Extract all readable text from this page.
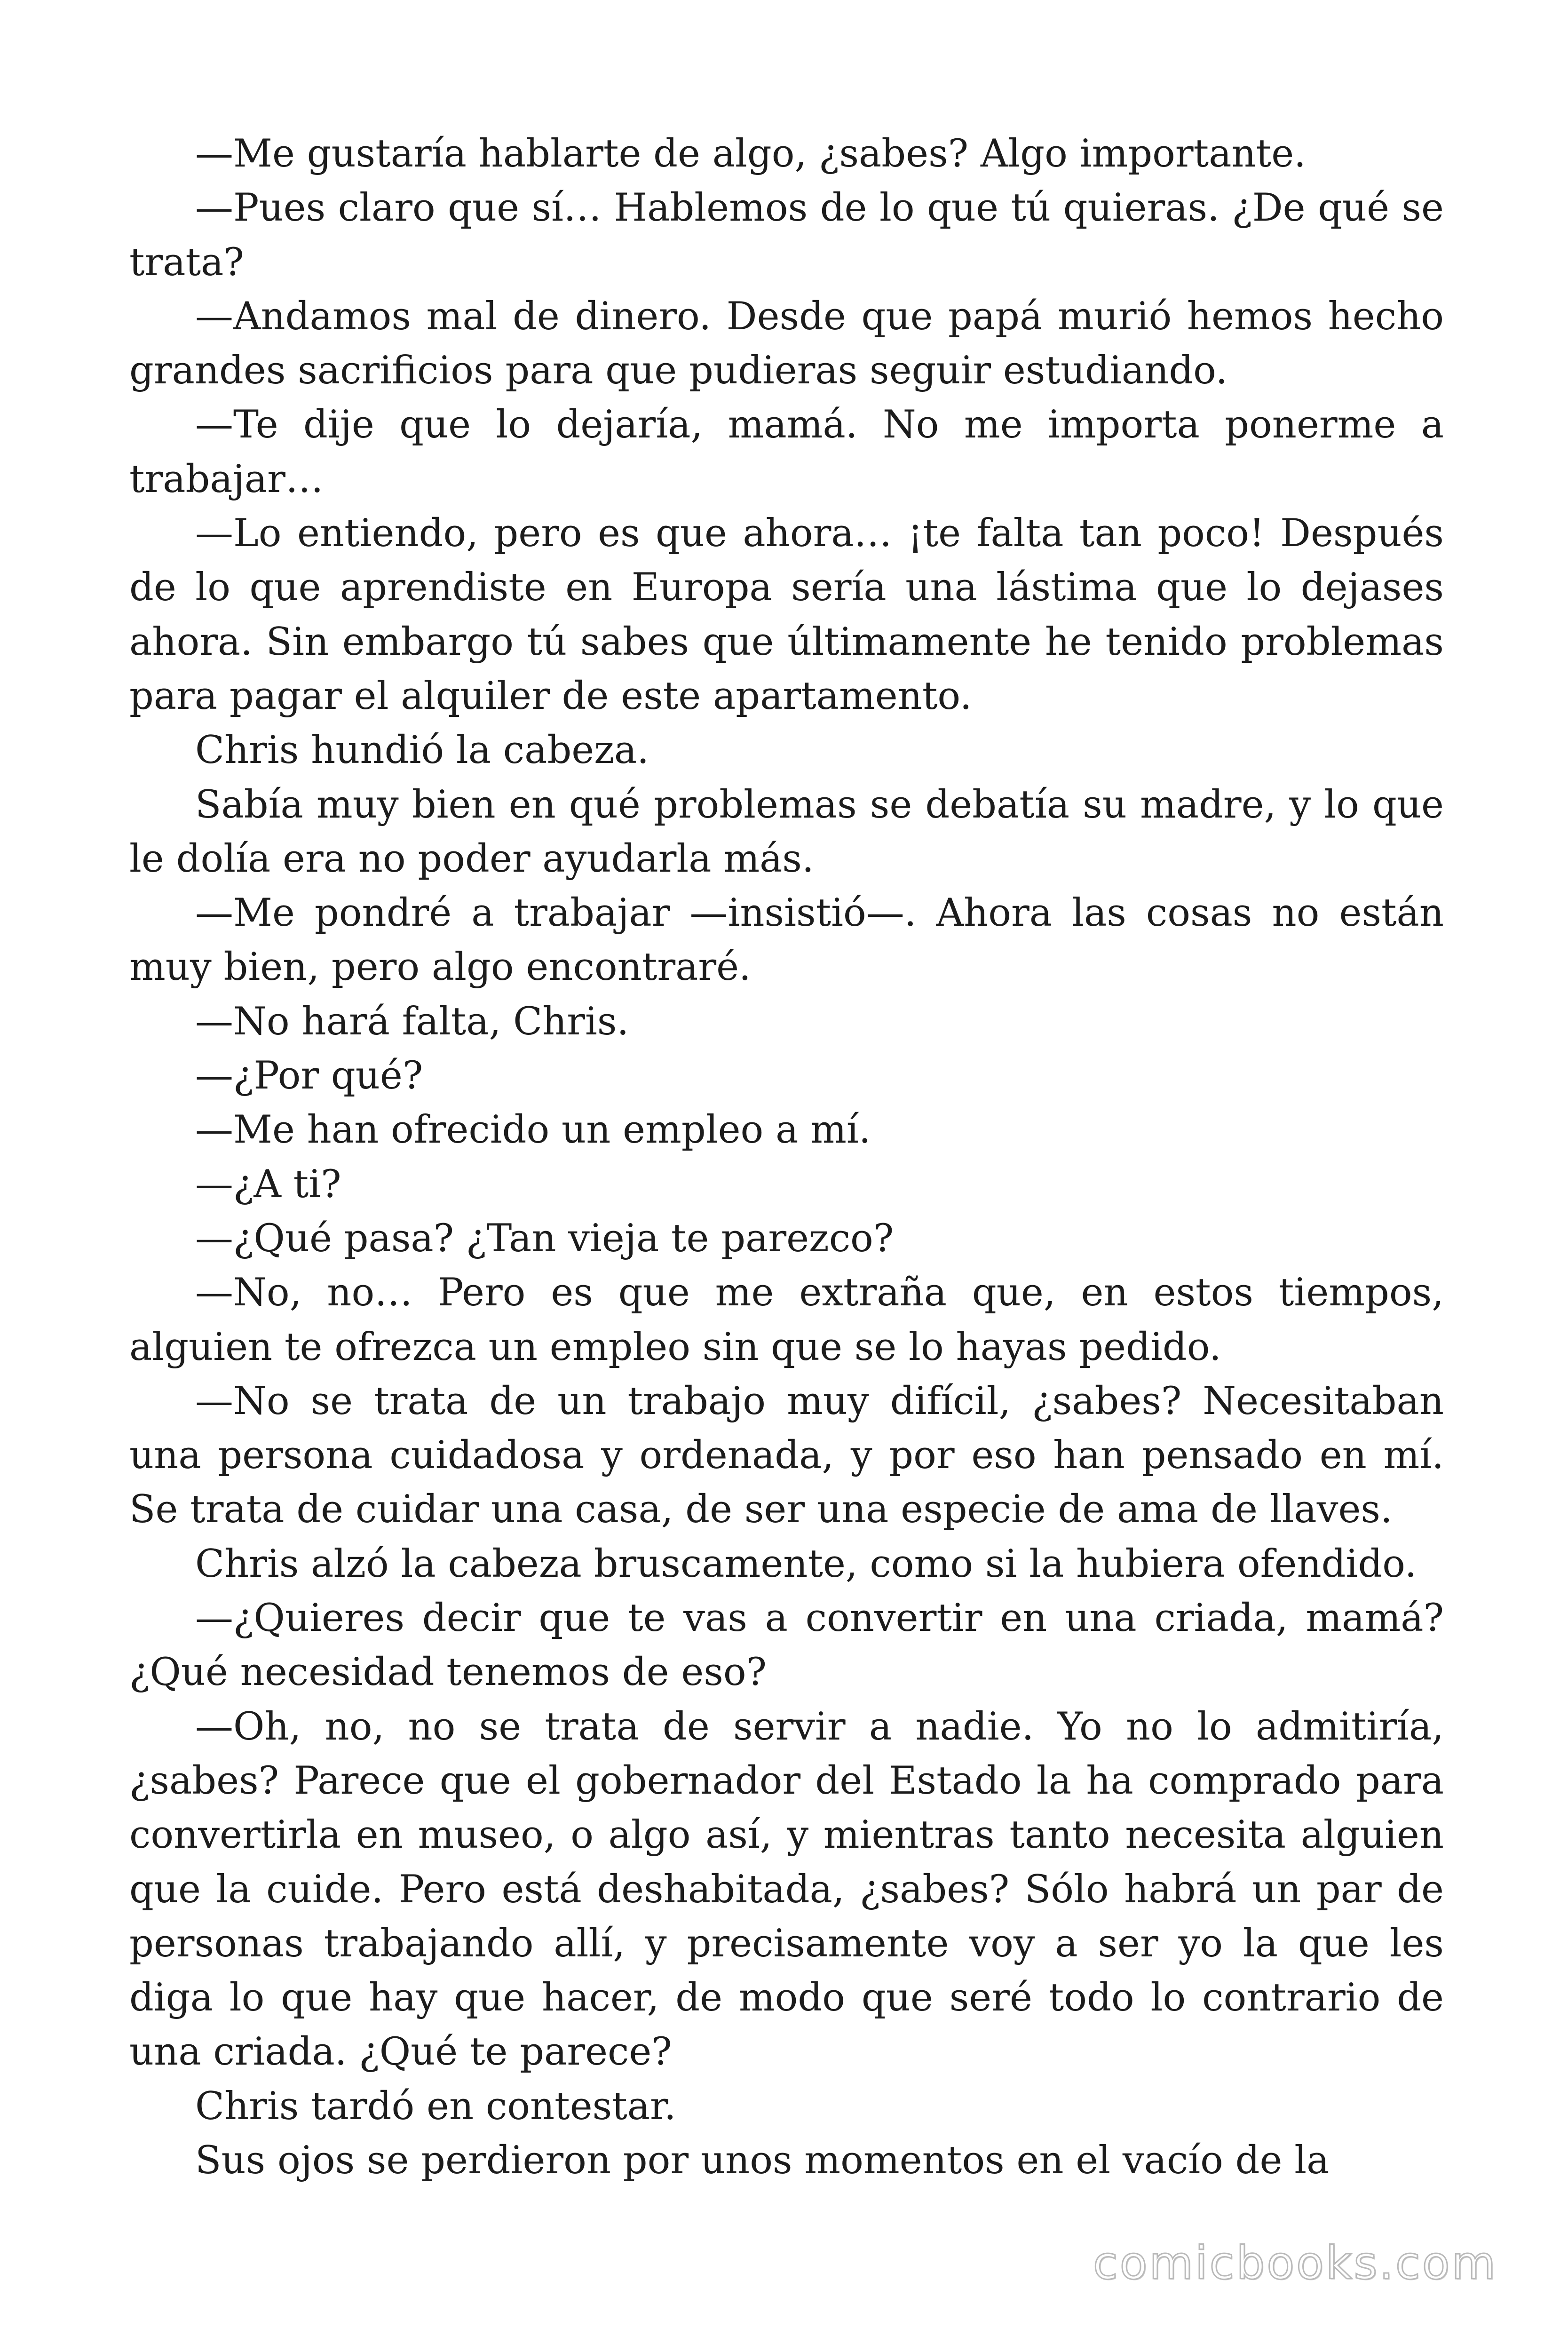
—Me gustaría hablarte de algo, ¿sabes? Algo importante.

—Pues claro que sí… Hablemos de lo que tú quieras. ¿De qué se trata?

—Andamos mal de dinero. Desde que papá murió hemos hecho grandes sacrificios para que pudieras seguir estudiando.

—Te dije que lo dejaría, mamá. No me importa ponerme a trabajar…

—Lo entiendo, pero es que ahora… ¡te falta tan poco! Después de lo que aprendiste en Europa sería una lástima que lo dejases ahora. Sin embargo tú sabes que últimamente he tenido problemas para pagar el alquiler de este apartamento.

Chris hundió la cabeza.

Sabía muy bien en qué problemas se debatía su madre, y lo que le dolía era no poder ayudarla más.

—Me pondré a trabajar —insistió—. Ahora las cosas no están muy bien, pero algo encontraré.

—No hará falta, Chris.

—¿Por qué?

—Me han ofrecido un empleo a mí.

—¿A ti?

—¿Qué pasa? ¿Tan vieja te parezco?

—No, no… Pero es que me extraña que, en estos tiempos, alguien te ofrezca un empleo sin que se lo hayas pedido.

—No se trata de un trabajo muy difícil, ¿sabes? Necesitaban una persona cuidadosa y ordenada, y por eso han pensado en mí. Se trata de cuidar una casa, de ser una especie de ama de llaves.

Chris alzó la cabeza bruscamente, como si la hubiera ofendido.

—¿Quieres decir que te vas a convertir en una criada, mamá? ¿Qué necesidad tenemos de eso?

—Oh, no, no se trata de servir a nadie. Yo no lo admitiría, ¿sabes? Parece que el gobernador del Estado la ha comprado para convertirla en museo, o algo así, y mientras tanto necesita alguien que la cuide. Pero está deshabitada, ¿sabes? Sólo habrá un par de personas trabajando allí, y precisamente voy a ser yo la que les diga lo que hay que hacer, de modo que seré todo lo contrario de una criada. ¿Qué te parece?

Chris tardó en contestar.

Sus ojos se perdieron por unos momentos en el vacío de la

comicbooks.com
